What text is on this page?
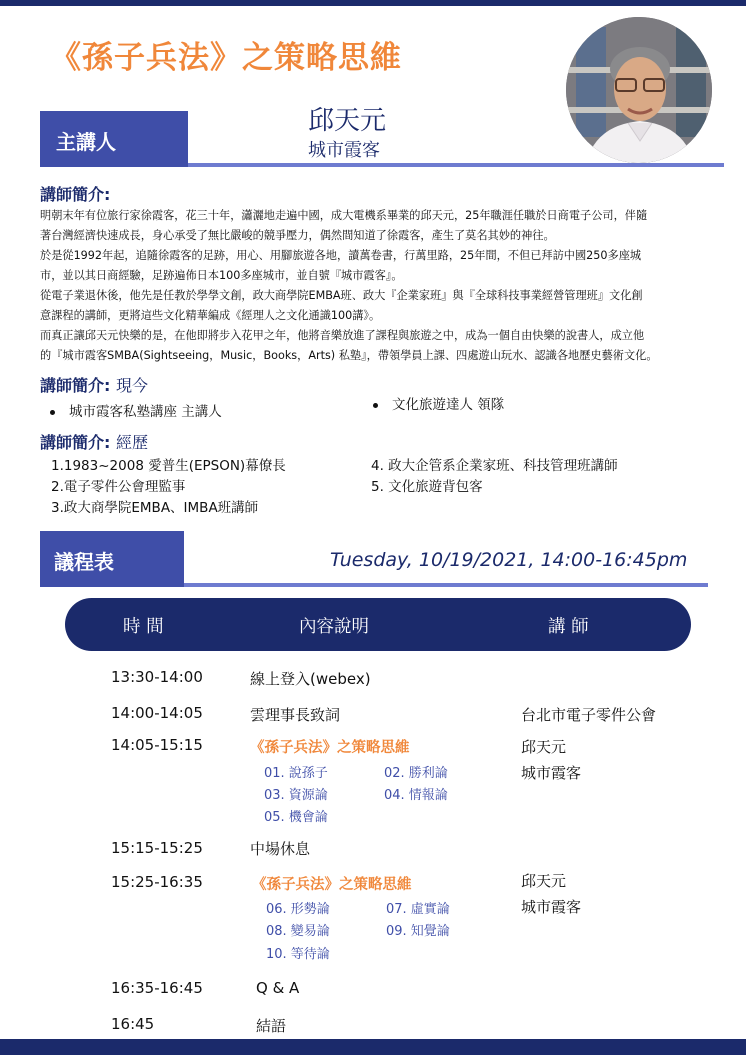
《孫子兵法》之策略思維
主講人
邱天元
城市霞客
講師簡介:

明朝末年有位旅行家徐霞客，花三十年，瀟灑地走遍中國，成大電機系畢業的邱天元，25年職涯任職於日商電子公司，伴隨

著台灣經濟快速成長，身心承受了無比嚴峻的競爭壓力，偶然間知道了徐霞客，產生了莫名其妙的神往。

於是從1992年起，追隨徐霞客的足跡，用心、用腳旅遊各地，讀萬卷書，行萬里路，25年間，不但已拜訪中國250多座城

市，並以其日商經驗，足跡遍佈日本100多座城市，並自號『城市霞客』。

從電子業退休後，他先是任教於學學文創，政大商學院EMBA班、政大『企業家班』與『全球科技事業經營管理班』文化創

意課程的講師，更將這些文化精華編成《經理人之文化通識100講》。

而真正讓邱天元快樂的是，在他即將步入花甲之年，他將音樂放進了課程與旅遊之中，成為一個自由快樂的說書人，成立他

的『城市霞客SMBA(Sightseeing，Music，Books，Arts) 私塾』，帶領學員上課、四處遊山玩水、認識各地歷史藝術文化。

講師簡介: 現今
城市霞客私塾講座 主講人	文化旅遊達人 領隊
講師簡介: 經歷
1.1983~2008 愛普生(EPSON)幕僚長
2.電子零件公會理監事
3.政大商學院EMBA、IMBA班講師
4. 政大企管系企業家班、科技管理班講師
5. 文化旅遊背包客
議程表	Tuesday, 10/19/2021, 14:00-16:45pm
時 間	內容說明	講 師
13:30-14:00	線上登入(webex)
14:00-14:05	雲理事長致詞	台北市電子零件公會
14:05-15:15	《孫子兵法》之策略思維	邱天元
城市霞客
01. 說孫子	02. 勝利論
03. 資源論	04. 情報論
05. 機會論
15:15-15:25	中場休息
15:25-16:35	《孫子兵法》之策略思維	邱天元
城市霞客
06. 形勢論	07. 虛實論
08. 變易論	09. 知覺論
10. 等待論
16:35-16:45	Q & A
16:45	結語
